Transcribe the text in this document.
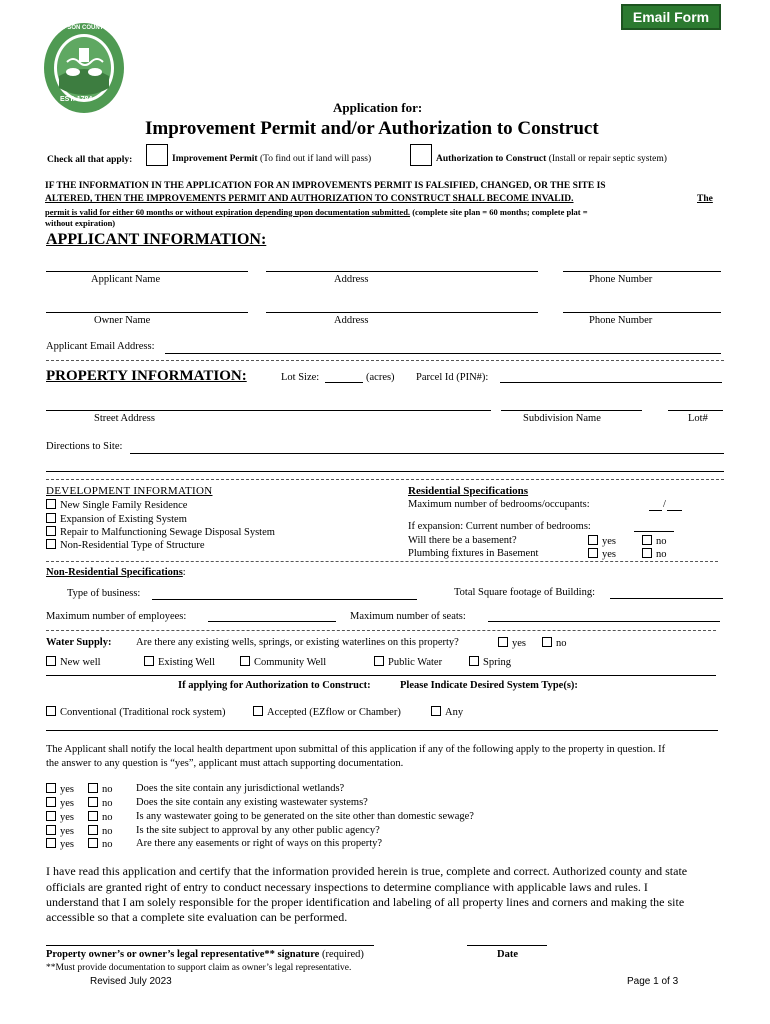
Email Form
EST. 1784
SAMPSON COUNTY, N.C.
Application for:
Improvement Permit and/or Authorization to Construct
Check all that apply:	Improvement Permit (To find out if land will pass)	Authorization to Construct (Install or repair septic system)
IF THE INFORMATION IN THE APPLICATION FOR AN IMPROVEMENTS PERMIT IS FALSIFIED, CHANGED, OR THE SITE IS
ALTERED, THEN THE IMPROVEMENTS PERMIT AND AUTHORIZATION TO CONSTRUCT SHALL BECOME INVALID.	The
permit is valid for either 60 months or without expiration depending upon documentation submitted. (complete site plan = 60 months; complete plat =
without expiration)
APPLICANT INFORMATION:
Applicant Name	Address	Phone Number
Owner Name	Address	Phone Number
Applicant Email Address:
PROPERTY INFORMATION:	Lot Size:	(acres) Parcel Id (PIN#):
Street Address	Subdivision Name	Lot#
Directions to Site:
DEVELOPMENT INFORMATION
New Single Family Residence
Expansion of Existing System
Repair to Malfunctioning Sewage Disposal System
Non-Residential Type of Structure
Residential Specifications
Maximum number of bedrooms/occupants:	/
If expansion: Current number of bedrooms:
Will there be a basement?	yes	no
Plumbing fixtures in Basement	yes	no
Non-Residential Specifications:
Type of business:	Total Square footage of Building:
Maximum number of employees:	Maximum number of seats:
Water Supply: Are there any existing wells, springs, or existing waterlines on this property?	yes	no
New well	Existing Well	Community Well	Public Water	Spring
If applying for Authorization to Construct:	Please Indicate Desired System Type(s):
Conventional (Traditional rock system)	Accepted (EZflow or Chamber)	Any
The Applicant shall notify the local health department upon submittal of this application if any of the following apply to the property in question. If
the answer to any question is “yes”, applicant must attach supporting documentation.
yes	no Does the site contain any jurisdictional wetlands?
yes	no Does the site contain any existing wastewater systems?
yes	no Is any wastewater going to be generated on the site other than domestic sewage?
yes	no Is the site subject to approval by any other public agency?
yes	no Are there any easements or right of ways on this property?
I have read this application and certify that the information provided herein is true, complete and correct. Authorized county and state
officials are granted right of entry to conduct necessary inspections to determine compliance with applicable laws and rules. I
understand that I am solely responsible for the proper identification and labeling of all property lines and corners and making the site
accessible so that a complete site evaluation can be performed.
Property owner’s or owner’s legal representative** signature (required)	Date
**Must provide documentation to support claim as owner’s legal representative.
Revised July 2023	Page 1 of 3
